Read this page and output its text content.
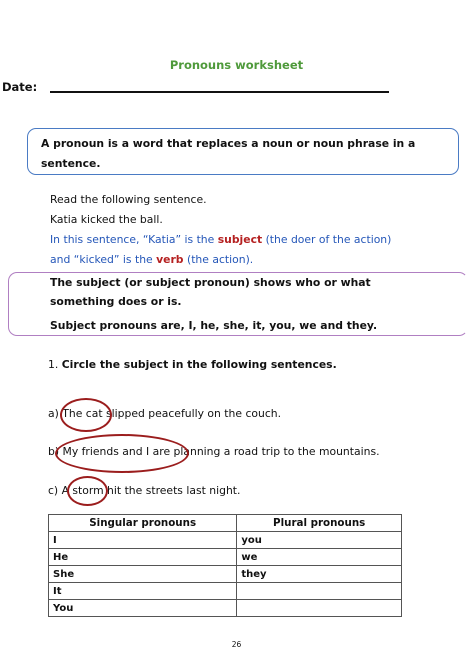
Pronouns worksheet
Date:
A pronoun is a word that replaces a noun or noun phrase in a sentence.
Read the following sentence.
Katia kicked the ball.
In this sentence, “Katia” is the subject (the doer of the action)
and “kicked” is the verb (the action).

The subject (or subject pronoun) shows who or what

something does or is.

Subject pronouns are, I, he, she, it, you, we and they.

1. Circle the subject in the following sentences.
a) The cat slipped peacefully on the couch.
b) My friends and I are planning a road trip to the mountains.
c) A storm hit the streets last night.
Singular pronouns	Plural pronouns
I	you
He	we
She	they
It	
You	
26
